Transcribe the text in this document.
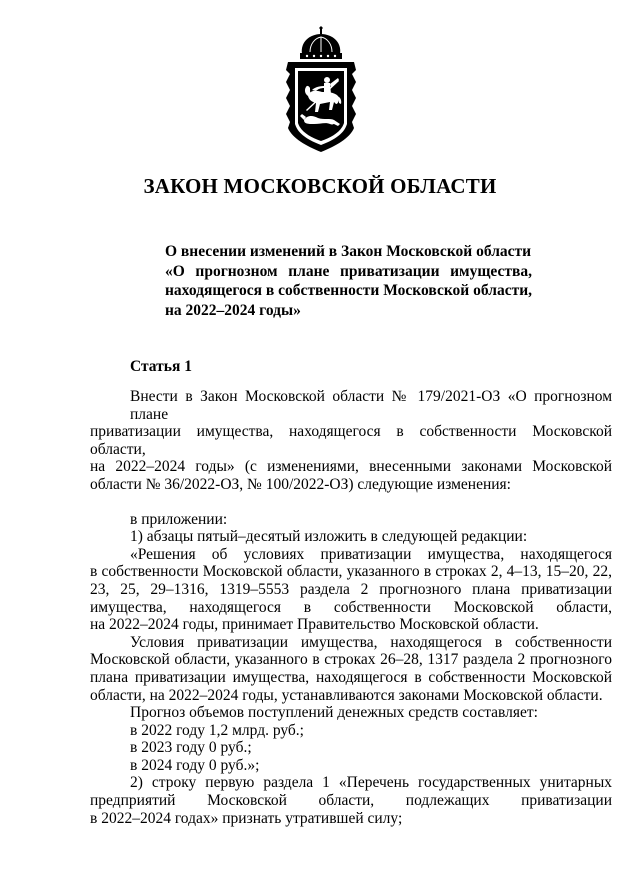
ЗАКОН МОСКОВСКОЙ ОБЛАСТИ
О внесении изменений в Закон Московской области
«О прогнозном плане приватизации имущества,
находящегося в собственности Московской области,
на 2022–2024 годы»
Статья 1
Внести в Закон Московской области № 179/2021-ОЗ «О прогнозном плане
приватизации имущества, находящегося в собственности Московской области,
на 2022–2024 годы» (с изменениями, внесенными законами Московской
области № 36/2022-ОЗ, № 100/2022-ОЗ) следующие изменения:
в приложении:
1) абзацы пятый–десятый изложить в следующей редакции:
«Решения об условиях приватизации имущества, находящегося
в собственности Московской области, указанного в строках 2, 4–13, 15–20, 22,
23, 25, 29–1316, 1319–5553 раздела 2 прогнозного плана приватизации
имущества, находящегося в собственности Московской области,
на 2022–2024 годы, принимает Правительство Московской области.
Условия приватизации имущества, находящегося в собственности
Московской области, указанного в строках 26–28, 1317 раздела 2 прогнозного
плана приватизации имущества, находящегося в собственности Московской
области, на 2022–2024 годы, устанавливаются законами Московской области.
Прогноз объемов поступлений денежных средств составляет:
в 2022 году 1,2 млрд. руб.;
в 2023 году 0 руб.;
в 2024 году 0 руб.»;
2) строку первую раздела 1 «Перечень государственных унитарных
предприятий Московской области, подлежащих приватизации
в 2022–2024 годах» признать утратившей силу;
